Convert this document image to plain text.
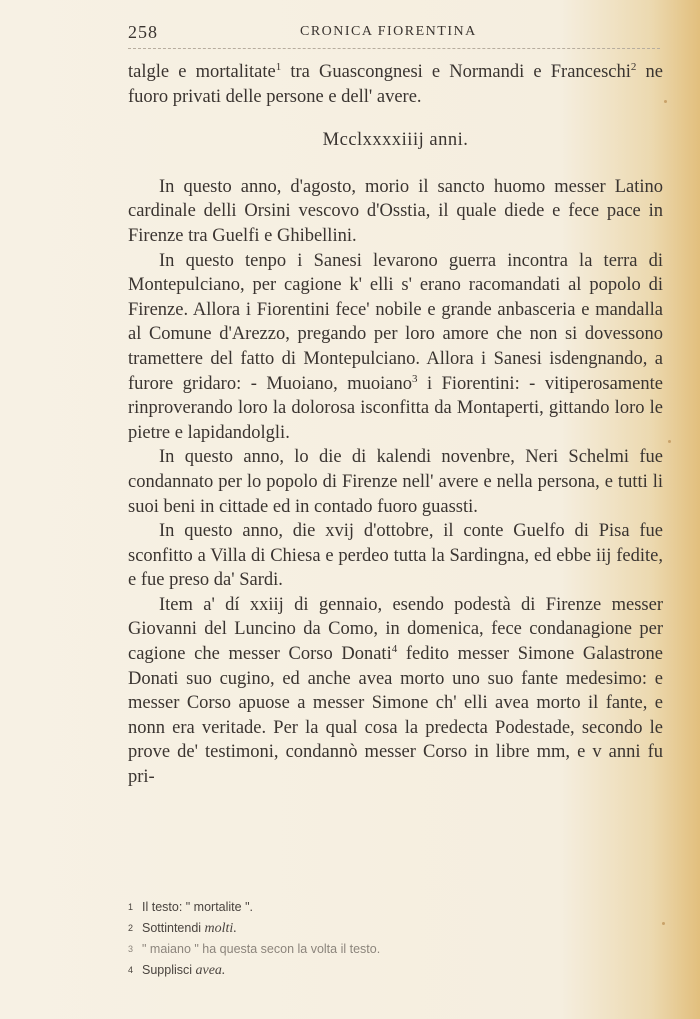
258	CRONICA FIORENTINA

talgle e mortalitate$^1$ tra Guascongnesi e Normandi e Franceschi$^2$ ne fuoro privati delle persone e dell' avere.

Mcclxxxxiiij anni.

In questo anno, d'agosto, morio il sancto huomo messer Latino cardinale delli Orsini vescovo d'Osstia, il quale diede e fece pace in Firenze tra Guelfi e Ghibellini.

In questo tenpo i Sanesi levarono guerra incontra la terra di Montepulciano, per cagione k' elli s' erano racomandati al popolo di Firenze. Allora i Fiorentini fece' nobile e grande anbasceria e mandalla al Comune d'Arezzo, pregando per loro amore che non si dovessono tramettere del fatto di Montepulciano. Allora i Sanesi isdengnando, a furore gridaro: - Muoiano, muoiano$^3$ i Fiorentini: - vitiperosamente rinproverando loro la dolorosa isconfitta da Montaperti, gittando loro le pietre e lapidandolgli.

In questo anno, lo die di kalendi novenbre, Neri Schelmi fue condannato per lo popolo di Firenze nell' avere e nella persona, e tutti li suoi beni in cittade ed in contado fuoro guassti.

In questo anno, die xvij d'ottobre, il conte Guelfo di Pisa fue sconfitto a Villa di Chiesa e perdeo tutta la Sardingna, ed ebbe iij fedite, e fue preso da' Sardi.

Item a' dí xxiij di gennaio, esendo podestà di Firenze messer Giovanni del Luncino da Como, in domenica, fece condanagione per cagione che messer Corso Donati$^4$ fedito messer Simone Galastrone Donati suo cugino, ed anche avea morto uno suo fante medesimo: e messer Corso apuose a messer Simone ch' elli avea morto il fante, e nonn era veritade. Per la qual cosa la predecta Podestade, secondo le prove de' testimoni, condannò messer Corso in libre mm, e v anni fu pri-

1 Il testo: " mortalite ".
2 Sottintendi molti.
3 " maiano " ha questa secon la volta il testo.
4 Supplisci avea.
